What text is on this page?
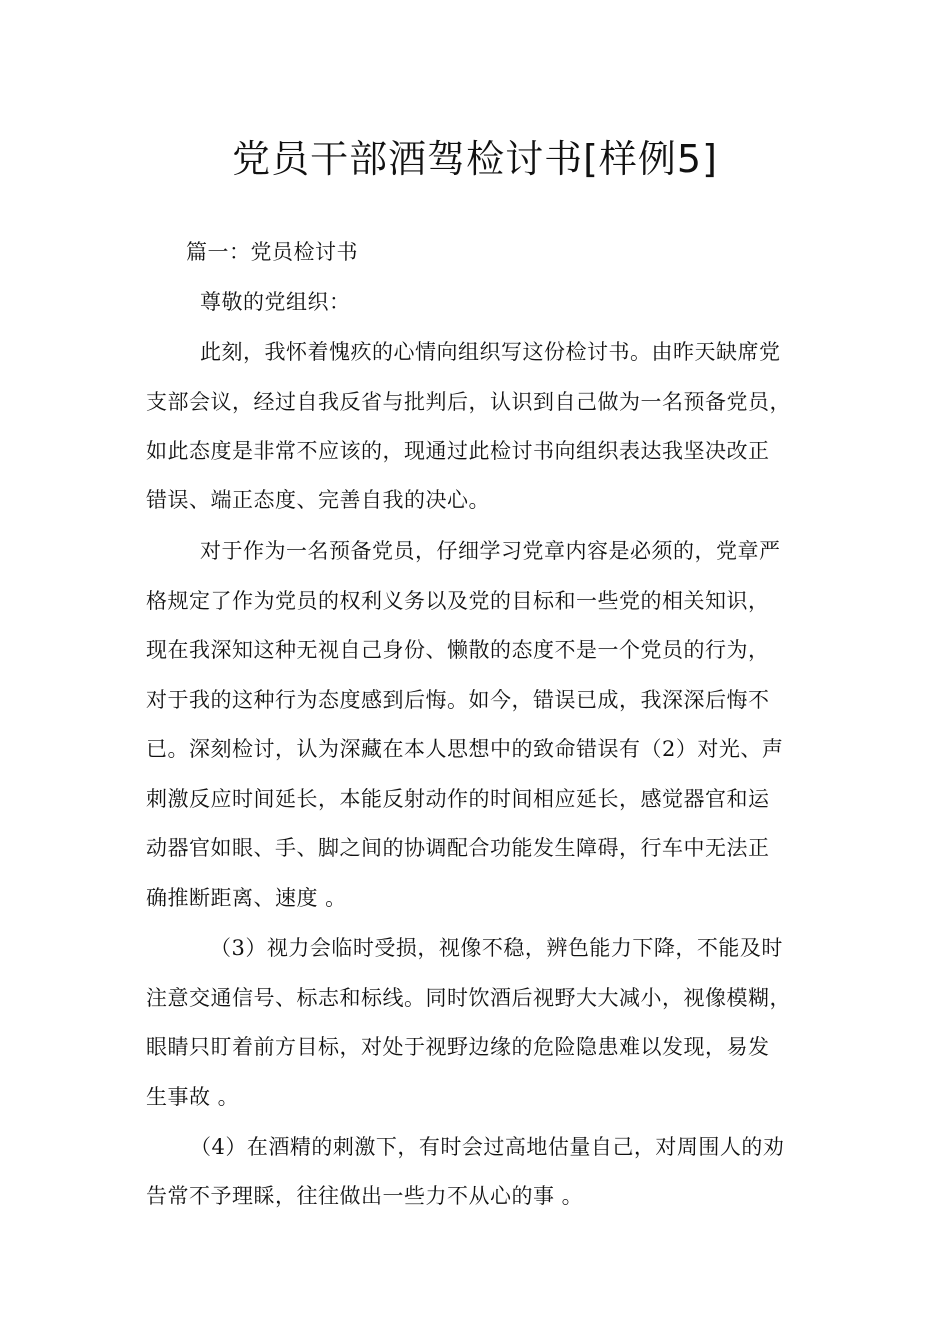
党员干部酒驾检讨书[样例5]
篇一：党员检讨书
尊敬的党组织：
此刻，我怀着愧疚的心情向组织写这份检讨书。由昨天缺席党
支部会议，经过自我反省与批判后，认识到自己做为一名预备党员，
如此态度是非常不应该的，现通过此检讨书向组织表达我坚决改正
错误、端正态度、完善自我的决心。
对于作为一名预备党员，仔细学习党章内容是必须的，党章严
格规定了作为党员的权利义务以及党的目标和一些党的相关知识，
现在我深知这种无视自己身份、懒散的态度不是一个党员的行为，
对于我的这种行为态度感到后悔。如今，错误已成，我深深后悔不
已。深刻检讨，认为深藏在本人思想中的致命错误有（2）对光、声
刺激反应时间延长，本能反射动作的时间相应延长，感觉器官和运
动器官如眼、手、脚之间的协调配合功能发生障碍，行车中无法正
确推断距离、速度 。
（3）视力会临时受损，视像不稳，辨色能力下降，不能及时
注意交通信号、标志和标线。同时饮酒后视野大大减小，视像模糊，
眼睛只盯着前方目标，对处于视野边缘的危险隐患难以发现，易发
生事故 。
（4）在酒精的刺激下，有时会过高地估量自己，对周围人的劝
告常不予理睬，往往做出一些力不从心的事 。
